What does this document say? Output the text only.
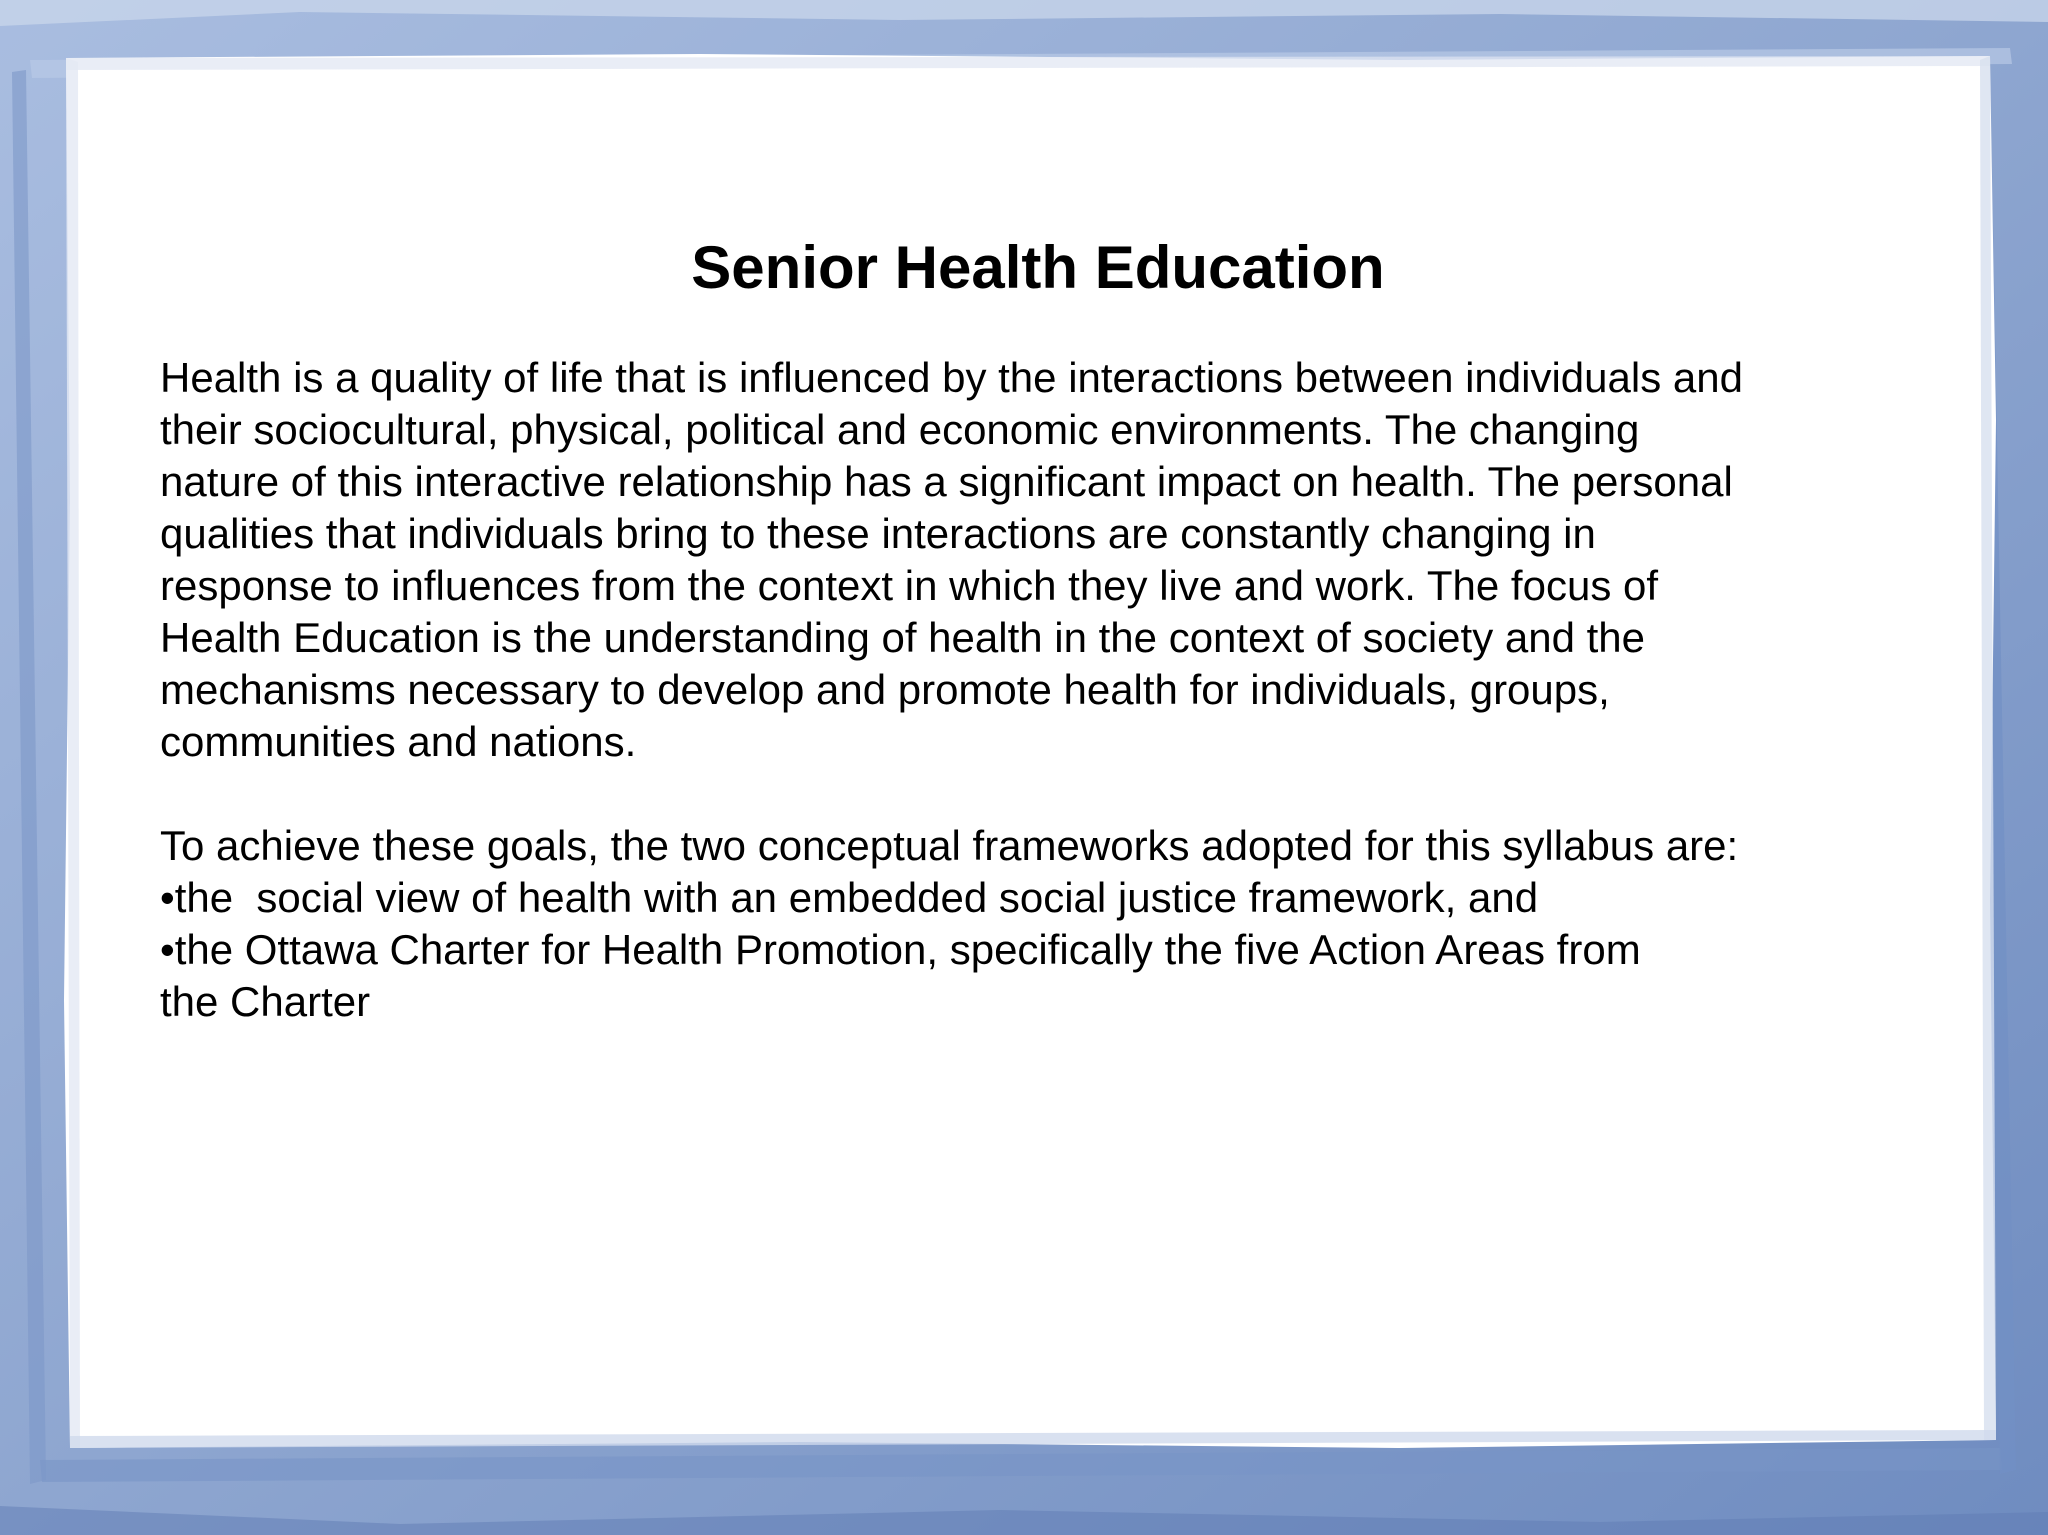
Senior Health Education
Health is a quality of life that is influenced by the interactions between individuals and
their sociocultural, physical, political and economic environments. The changing
nature of this interactive relationship has a significant impact on health. The personal
qualities that individuals bring to these interactions are constantly changing in
response to influences from the context in which they live and work. The focus of
Health Education is the understanding of health in the context of society and the
mechanisms necessary to develop and promote health for individuals, groups,
communities and nations.
To achieve these goals, the two conceptual frameworks adopted for this syllabus are:
•the  social view of health with an embedded social justice framework, and
•the Ottawa Charter for Health Promotion, specifically the five Action Areas from
the Charter
